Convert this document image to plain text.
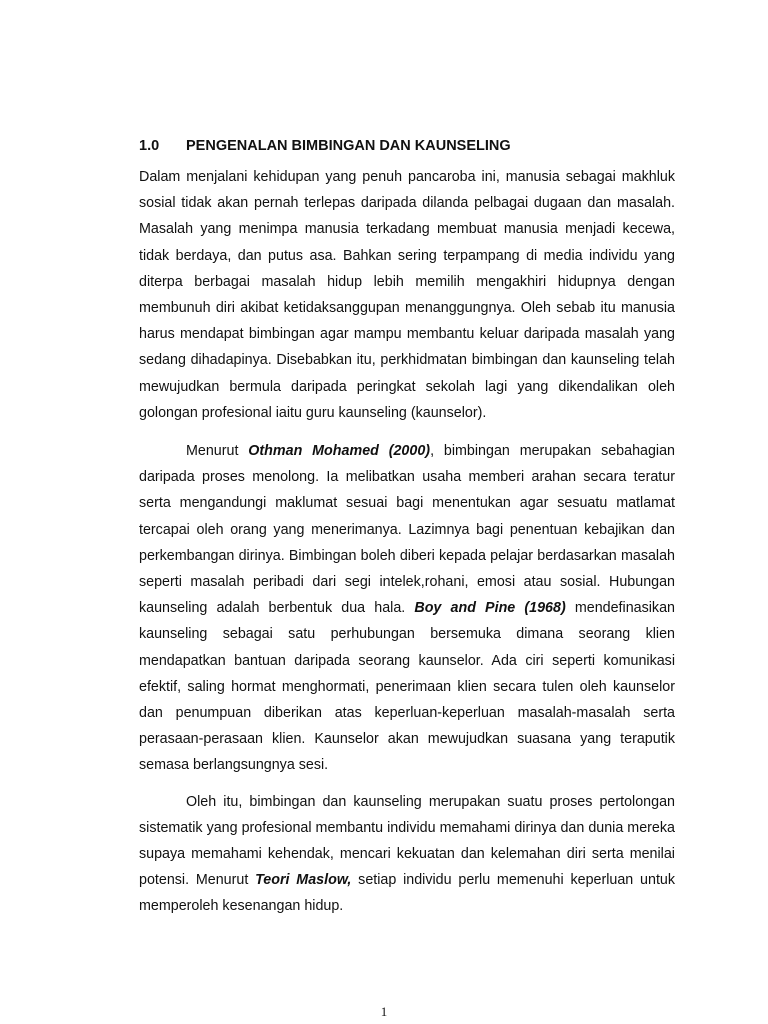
1.0 PENGENALAN BIMBINGAN DAN KAUNSELING

Dalam menjalani kehidupan yang penuh pancaroba ini, manusia sebagai makhluk sosial tidak akan pernah terlepas daripada dilanda pelbagai dugaan dan masalah. Masalah yang menimpa manusia terkadang membuat manusia menjadi kecewa, tidak berdaya, dan putus asa. Bahkan sering terpampang di media individu yang diterpa berbagai masalah hidup lebih memilih mengakhiri hidupnya dengan membunuh diri akibat ketidaksanggupan menanggungnya. Oleh sebab itu manusia harus mendapat bimbingan agar mampu membantu keluar daripada masalah yang sedang dihadapinya. Disebabkan itu, perkhidmatan bimbingan dan kaunseling telah mewujudkan bermula daripada peringkat sekolah lagi yang dikendalikan oleh golongan profesional iaitu guru kaunseling (kaunselor).

Menurut Othman Mohamed (2000), bimbingan merupakan sebahagian daripada proses menolong. Ia melibatkan usaha memberi arahan secara teratur serta mengandungi maklumat sesuai bagi menentukan agar sesuatu matlamat tercapai oleh orang yang menerimanya. Lazimnya bagi penentuan kebajikan dan perkembangan dirinya. Bimbingan boleh diberi kepada pelajar berdasarkan masalah seperti masalah peribadi dari segi intelek,rohani, emosi atau sosial. Hubungan kaunseling adalah berbentuk dua hala. Boy and Pine (1968) mendefinasikan kaunseling sebagai satu perhubungan bersemuka dimana seorang klien mendapatkan bantuan daripada seorang kaunselor. Ada ciri seperti komunikasi efektif, saling hormat menghormati, penerimaan klien secara tulen oleh kaunselor dan penumpuan diberikan atas keperluan-keperluan masalah-masalah serta perasaan-perasaan klien. Kaunselor akan mewujudkan suasana yang teraputik semasa berlangsungnya sesi.

Oleh itu, bimbingan dan kaunseling merupakan suatu proses pertolongan sistematik yang profesional membantu individu memahami dirinya dan dunia mereka supaya memahami kehendak, mencari kekuatan dan kelemahan diri serta menilai potensi. Menurut Teori Maslow, setiap individu perlu memenuhi keperluan untuk memperoleh kesenangan hidup.

1
